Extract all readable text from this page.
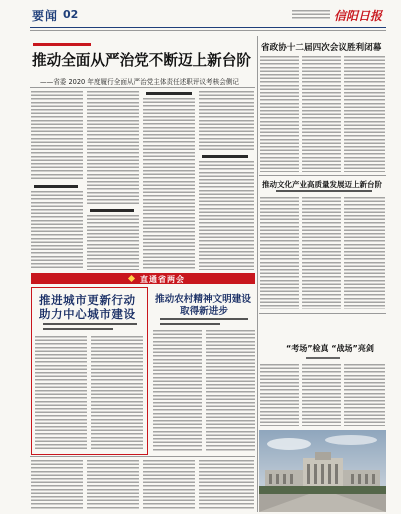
要闻 02	信阳日报
推动全面从严治党不断迈上新台阶
——省委 2020 年度履行全面从严治党主体责任述职评议考核会侧记
直通省两会
推进城市更新行动
助力中心城市建设
推动农村精神文明建设
取得新进步
省政协十二届四次会议胜利闭幕
推动文化产业高质量发展迈上新台阶
“考场”检真 “战场”亮剑
